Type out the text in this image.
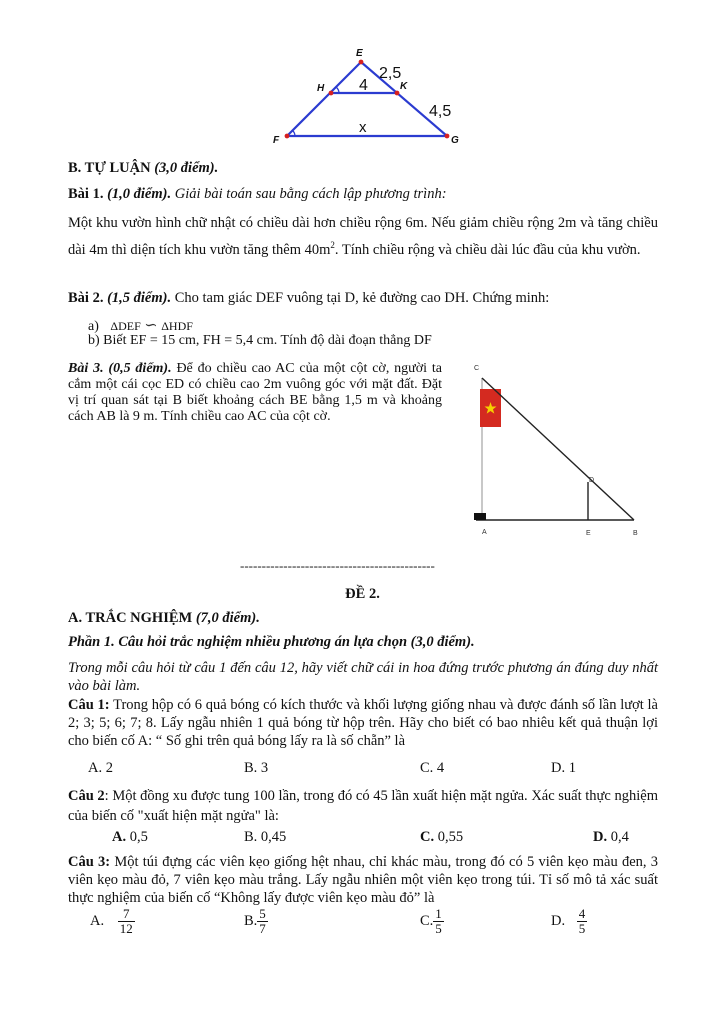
E
H	K
F	G
4
2,5
4,5
x
B. TỰ LUẬN (3,0 điểm).
Bài 1. (1,0 điểm). Giải bài toán sau bằng cách lập phương trình:
Một khu vườn hình chữ nhật có chiều dài hơn chiều rộng 6m. Nếu giảm chiều rộng 2m và tăng chiều dài 4m thì diện tích khu vườn tăng thêm $40m^2$. Tính chiều rộng và chiều dài lúc đầu của khu vườn.
Bài 2. (1,5 điểm). Cho tam giác DEF vuông tại D, kẻ đường cao DH. Chứng minh:
a) ΔDEF ∽ ΔHDF
b) Biết EF = 15 cm, FH = 5,4 cm. Tính độ dài đoạn thẳng DF
Bài 3. (0,5 điểm). Để đo chiều cao AC của một cột cờ, người ta cắm một cái cọc ED có chiều cao 2m vuông góc với mặt đất. Đặt vị trí quan sát tại B biết khoảng cách BE bằng 1,5 m và khoảng cách AB là 9 m. Tính chiều cao AC của cột cờ.
C
D
A	E	B
---------------------------------------------
ĐỀ 2.
A. TRẮC NGHIỆM (7,0 điểm).
Phần 1. Câu hỏi trắc nghiệm nhiều phương án lựa chọn (3,0 điểm).
Trong mỗi câu hỏi từ câu 1 đến câu 12, hãy viết chữ cái in hoa đứng trước phương án đúng duy nhất vào bài làm.
Câu 1: Trong hộp có 6 quả bóng có kích thước và khối lượng giống nhau và được đánh số lần lượt là 2; 3; 5; 6; 7; 8. Lấy ngẫu nhiên 1 quả bóng từ hộp trên. Hãy cho biết có bao nhiêu kết quả thuận lợi cho biến cố A: “ Số ghi trên quả bóng lấy ra là số chẵn” là
A. 2	B. 3	C. 4	D. 1
Câu 2: Một đồng xu được tung 100 lần, trong đó có 45 lần xuất hiện mặt ngửa. Xác suất thực nghiệm của biến cố "xuất hiện mặt ngửa" là:
A. 0,5	B. 0,45	C. 0,55	D. 0,4
Câu 3: Một túi đựng các viên kẹo giống hệt nhau, chỉ khác màu, trong đó có 5 viên kẹo màu đen, 3 viên kẹo màu đỏ, 7 viên kẹo màu trắng. Lấy ngẫu nhiên một viên kẹo trong túi. Tỉ số mô tả xác suất thực nghiệm của biến cố “Không lấy được viên kẹo màu đỏ” là
A. $\frac{7}{12}$	B. $\frac{5}{7}$	C. $\frac{1}{5}$	D. $\frac{4}{5}$
